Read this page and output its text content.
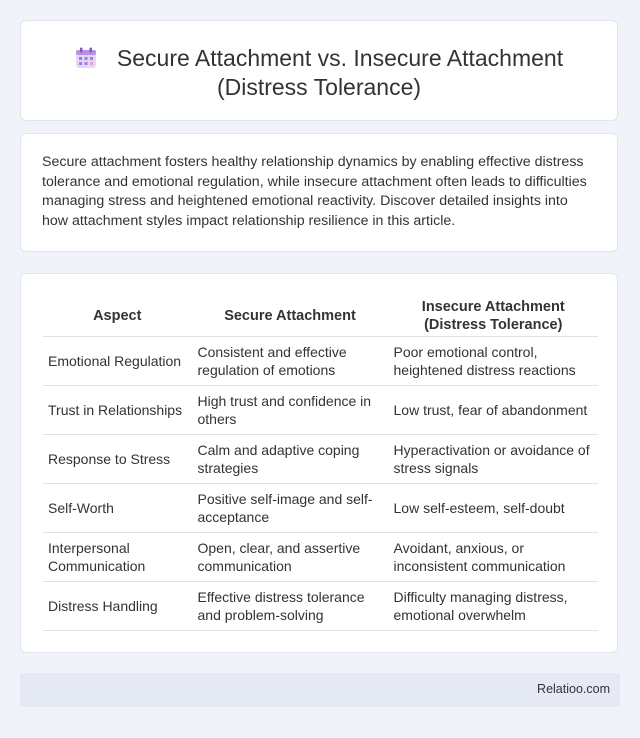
Secure Attachment vs. Insecure Attachment
(Distress Tolerance)

Secure attachment fosters healthy relationship dynamics by enabling effective distress tolerance and emotional regulation, while insecure attachment often leads to difficulties managing stress and heightened emotional reactivity. Discover detailed insights into how attachment styles impact relationship resilience in this article.

Aspect	Secure Attachment	Insecure Attachment (Distress Tolerance)
Emotional Regulation	Consistent and effective regulation of emotions	Poor emotional control, heightened distress reactions
Trust in Relationships	High trust and confidence in others	Low trust, fear of abandonment
Response to Stress	Calm and adaptive coping strategies	Hyperactivation or avoidance of stress signals
Self-Worth	Positive self-image and self-acceptance	Low self-esteem, self-doubt
Interpersonal Communication	Open, clear, and assertive communication	Avoidant, anxious, or inconsistent communication
Distress Handling	Effective distress tolerance and problem-solving	Difficulty managing distress, emotional overwhelm
Relatioo.com
